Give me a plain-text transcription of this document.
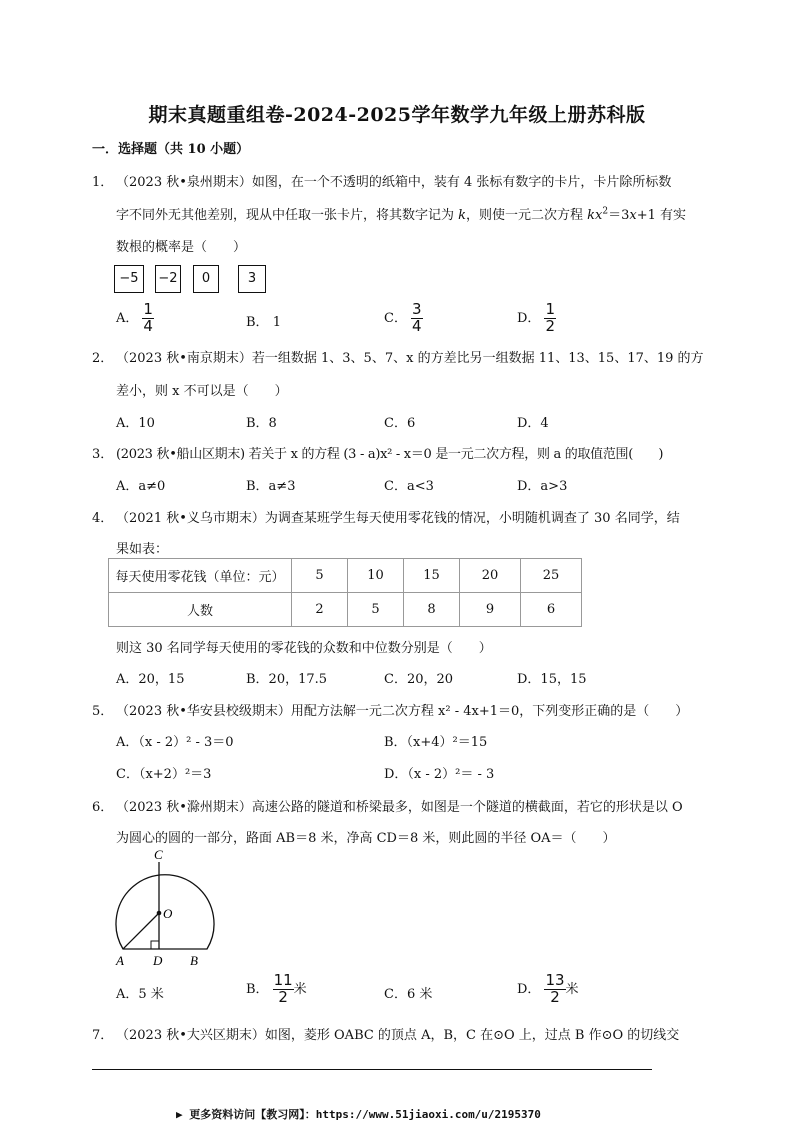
期末真题重组卷-2024-2025学年数学九年级上册苏科版
一．选择题（共 10 小题）
1． （2023 秋•泉州期末）如图，在一个不透明的纸箱中，装有 4 张标有数字的卡片，卡片除所标数
字不同外无其他差别，现从中任取一张卡片，将其数字记为 k，则使一元二次方程 $kx^2=3x+1$ 有实
数根的概率是（　　）
−5	−2	0	3
A． $\frac{1}{4}$	B． 1	C． $\frac{3}{4}$	D． $\frac{1}{2}$
2． （2023 秋•南京期末）若一组数据 1、3、5、7、x 的方差比另一组数据 11、13、15、17、19 的方
差小，则 x 不可以是（　　）
A．10	B．8	C．6	D．4
3． (2023 秋•船山区期末) 若关于 x 的方程 (3 - a)x² - x＝0 是一元二次方程，则 a 的取值范围(　　)
A．a≠0	B．a≠3	C．a<3	D．a>3
4． （2021 秋•义乌市期末）为调查某班学生每天使用零花钱的情况，小明随机调查了 30 名同学，结
果如表：
每天使用零花钱（单位：元）	5	10	15	20	25
人数	2	5	8	9	6
则这 30 名同学每天使用的零花钱的众数和中位数分别是（　　）
A．20，15	B．20，17.5	C．20，20	D．15，15
5． （2023 秋•华安县校级期末）用配方法解一元二次方程 x² - 4x+1＝0，下列变形正确的是（　　）
A．（x - 2）² - 3＝0	B．（x+4）²＝15
C．（x+2）²＝3	D．（x - 2）²＝ - 3
6． （2023 秋•滁州期末）高速公路的隧道和桥梁最多，如图是一个隧道的横截面，若它的形状是以 O
为圆心的圆的一部分，路面 AB＝8 米，净高 CD＝8 米，则此圆的半径 OA＝（　　）
C
O
A D B
A．5 米	B． $\frac{11}{2}$ 米	C．6 米	D． $\frac{13}{2}$ 米
7． （2023 秋•大兴区期末）如图，菱形 OABC 的顶点 A，B，C 在⊙O 上，过点 B 作⊙O 的切线交
▶ 更多资料访问【教习网】：https://www.51jiaoxi.com/u/2195370
